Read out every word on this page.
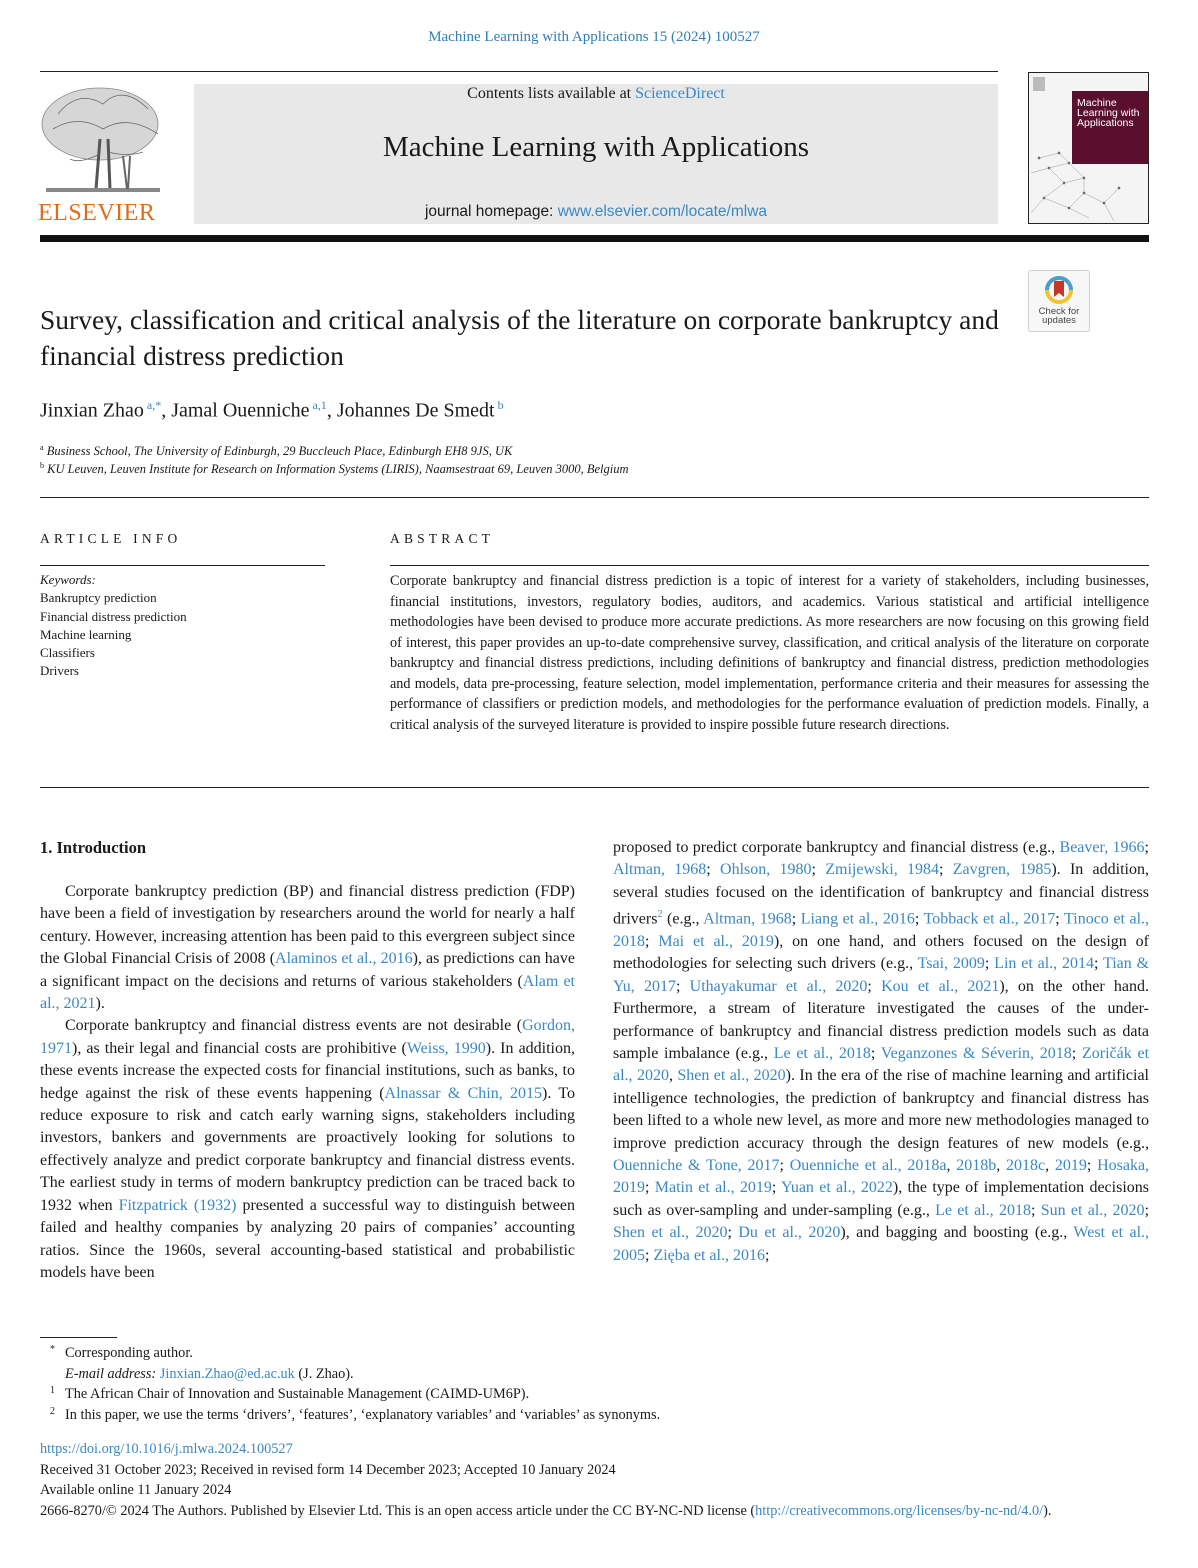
Machine Learning with Applications 15 (2024) 100527
ELSEVIER
Contents lists available at ScienceDirect
Machine Learning with Applications
journal homepage: www.elsevier.com/locate/mlwa
Machine Learning with Applications
Check for updates
Survey, classification and critical analysis of the literature on corporate bankruptcy and financial distress prediction
Jinxian Zhao $^{a,*}$, Jamal Ouenniche $^{a,1}$, Johannes De Smedt $^b$
$^a$ Business School, The University of Edinburgh, 29 Buccleuch Place, Edinburgh EH8 9JS, UK
$^b$ KU Leuven, Leuven Institute for Research on Information Systems (LIRIS), Naamsestraat 69, Leuven 3000, Belgium
ARTICLE INFO
Keywords:
Bankruptcy prediction
Financial distress prediction
Machine learning
Classifiers
Drivers
ABSTRACT
Corporate bankruptcy and financial distress prediction is a topic of interest for a variety of stakeholders, including businesses, financial institutions, investors, regulatory bodies, auditors, and academics. Various statistical and artificial intelligence methodologies have been devised to produce more accurate predictions. As more researchers are now focusing on this growing field of interest, this paper provides an up-to-date comprehensive survey, classification, and critical analysis of the literature on corporate bankruptcy and financial distress predictions, including definitions of bankruptcy and financial distress, prediction methodologies and models, data pre-processing, feature selection, model implementation, performance criteria and their measures for assessing the performance of classifiers or prediction models, and methodologies for the performance evaluation of prediction models. Finally, a critical analysis of the surveyed literature is provided to inspire possible future research directions.
1. Introduction

Corporate bankruptcy prediction (BP) and financial distress prediction (FDP) have been a field of investigation by researchers around the world for nearly a half century. However, increasing attention has been paid to this evergreen subject since the Global Financial Crisis of 2008 (Alaminos et al., 2016), as predictions can have a significant impact on the decisions and returns of various stakeholders (Alam et al., 2021).

Corporate bankruptcy and financial distress events are not desirable (Gordon, 1971), as their legal and financial costs are prohibitive (Weiss, 1990). In addition, these events increase the expected costs for financial institutions, such as banks, to hedge against the risk of these events happening (Alnassar & Chin, 2015). To reduce exposure to risk and catch early warning signs, stakeholders including investors, bankers and governments are proactively looking for solutions to effectively analyze and predict corporate bankruptcy and financial distress events. The earliest study in terms of modern bankruptcy prediction can be traced back to 1932 when Fitzpatrick (1932) presented a successful way to distinguish between failed and healthy companies by analyzing 20 pairs of companies’ accounting ratios. Since the 1960s, several accounting-based statistical and probabilistic models have been

proposed to predict corporate bankruptcy and financial distress (e.g., Beaver, 1966; Altman, 1968; Ohlson, 1980; Zmijewski, 1984; Zavgren, 1985). In addition, several studies focused on the identification of bankruptcy and financial distress drivers$^2$ (e.g., Altman, 1968; Liang et al., 2016; Tobback et al., 2017; Tinoco et al., 2018; Mai et al., 2019), on one hand, and others focused on the design of methodologies for selecting such drivers (e.g., Tsai, 2009; Lin et al., 2014; Tian & Yu, 2017; Uthayakumar et al., 2020; Kou et al., 2021), on the other hand. Furthermore, a stream of literature investigated the causes of the under-performance of bankruptcy and financial distress prediction models such as data sample imbalance (e.g., Le et al., 2018; Veganzones & Séverin, 2018; Zoričák et al., 2020, Shen et al., 2020). In the era of the rise of machine learning and artificial intelligence technologies, the prediction of bankruptcy and financial distress has been lifted to a whole new level, as more and more new methodologies managed to improve prediction accuracy through the design features of new models (e.g., Ouenniche & Tone, 2017; Ouenniche et al., 2018a, 2018b, 2018c, 2019; Hosaka, 2019; Matin et al., 2019; Yuan et al., 2022), the type of implementation decisions such as over-sampling and under-sampling (e.g., Le et al., 2018; Sun et al., 2020; Shen et al., 2020; Du et al., 2020), and bagging and boosting (e.g., West et al., 2005; Zięba et al., 2016;

* Corresponding author.
E-mail address: Jinxian.Zhao@ed.ac.uk (J. Zhao).
1 The African Chair of Innovation and Sustainable Management (CAIMD-UM6P).
2 In this paper, we use the terms ‘drivers’, ‘features’, ‘explanatory variables’ and ‘variables’ as synonyms.
https://doi.org/10.1016/j.mlwa.2024.100527
Received 31 October 2023; Received in revised form 14 December 2023; Accepted 10 January 2024
Available online 11 January 2024
2666-8270/© 2024 The Authors. Published by Elsevier Ltd. This is an open access article under the CC BY-NC-ND license (http://creativecommons.org/licenses/by-nc-nd/4.0/).
